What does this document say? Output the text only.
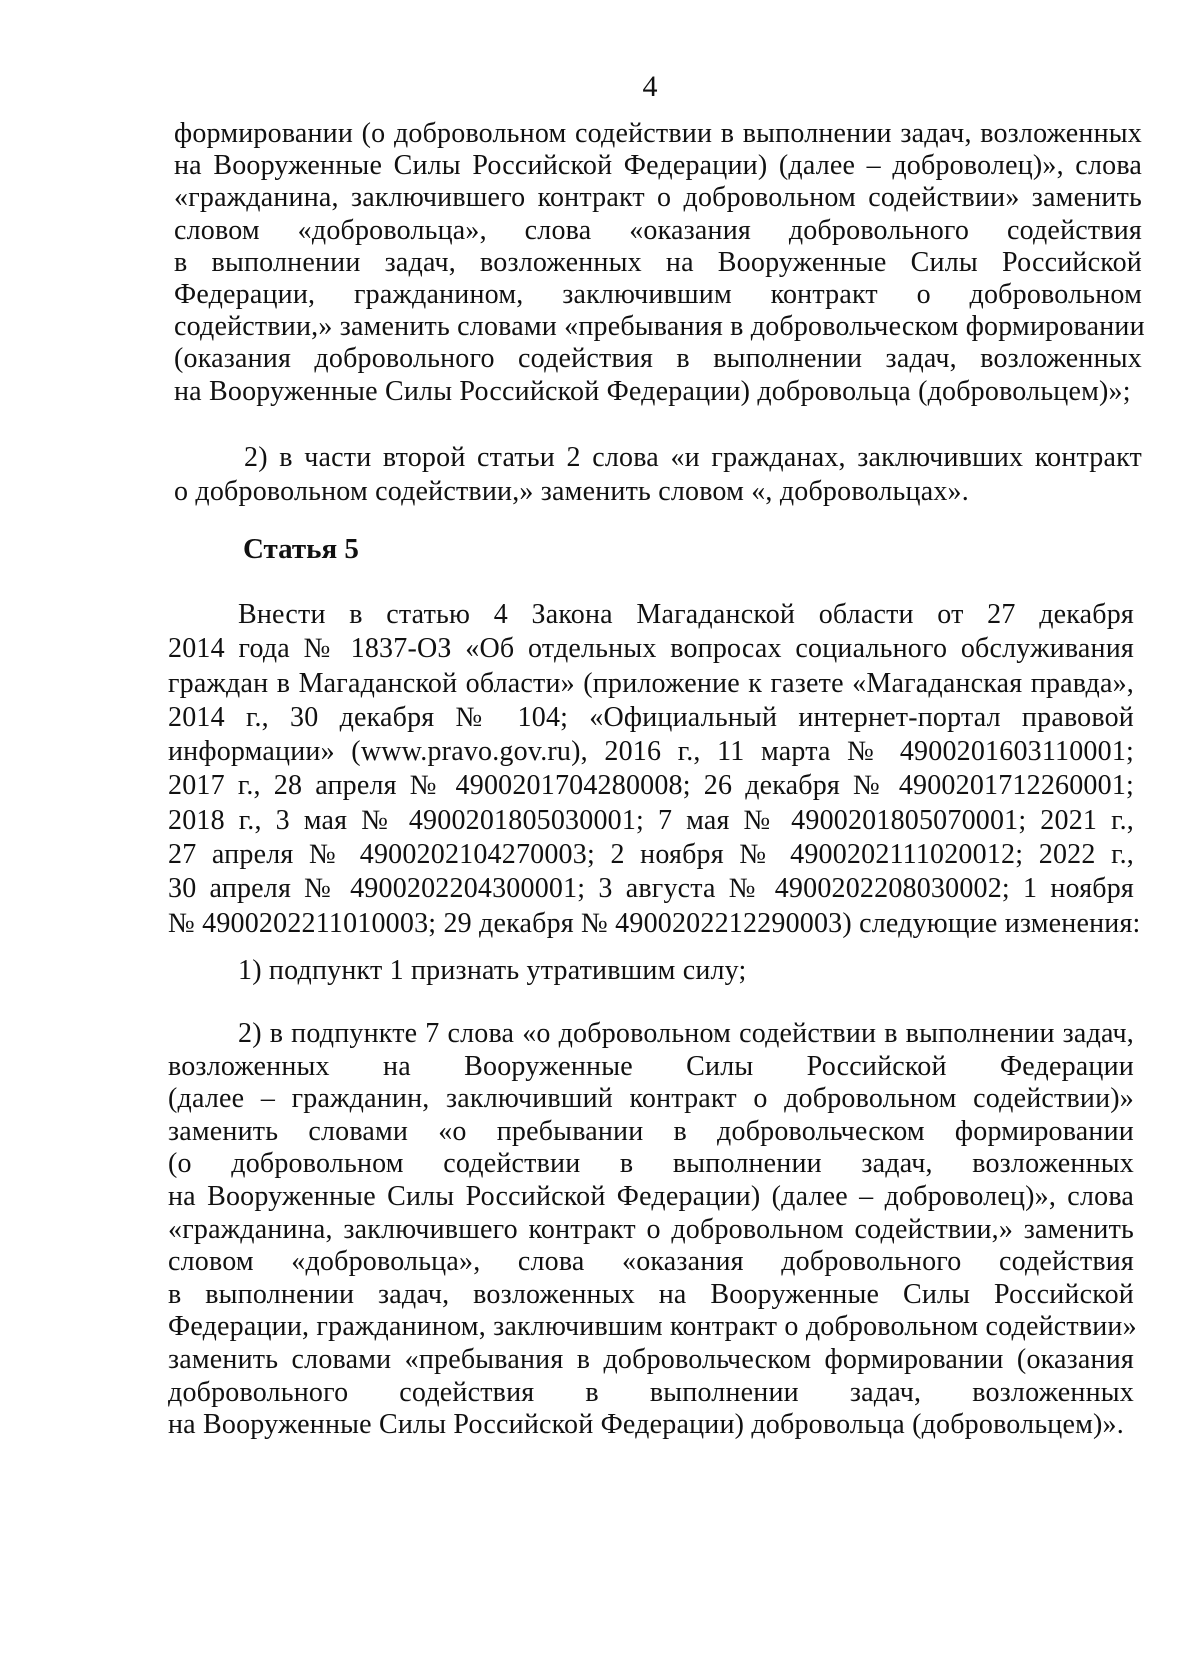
4
формировании (о добровольном содействии в выполнении задач, возложенных
на Вооруженные Силы Российской Федерации) (далее – доброволец)», слова
«гражданина, заключившего контракт о добровольном содействии» заменить
словом «добровольца», слова «оказания добровольного содействия
в выполнении задач, возложенных на Вооруженные Силы Российской
Федерации, гражданином, заключившим контракт о добровольном
содействии,» заменить словами «пребывания в добровольческом формировании
(оказания добровольного содействия в выполнении задач, возложенных
на Вооруженные Силы Российской Федерации) добровольца (добровольцем)»;
2) в части второй статьи 2 слова «и гражданах, заключивших контракт
о добровольном содействии,» заменить словом «, добровольцах».
Статья 5
Внести в статью 4 Закона Магаданской области от 27 декабря
2014 года № 1837-ОЗ «Об отдельных вопросах социального обслуживания
граждан в Магаданской области» (приложение к газете «Магаданская правда»,
2014 г., 30 декабря № 104; «Официальный интернет-портал правовой
информации» (www.pravo.gov.ru), 2016 г., 11 марта № 4900201603110001;
2017 г., 28 апреля № 4900201704280008; 26 декабря № 4900201712260001;
2018 г., 3 мая № 4900201805030001; 7 мая № 4900201805070001; 2021 г.,
27 апреля № 4900202104270003; 2 ноября № 4900202111020012; 2022 г.,
30 апреля № 4900202204300001; 3 августа № 4900202208030002; 1 ноября
№ 4900202211010003; 29 декабря № 4900202212290003) следующие изменения:
1) подпункт 1 признать утратившим силу;
2) в подпункте 7 слова «о добровольном содействии в выполнении задач,
возложенных на Вооруженные Силы Российской Федерации
(далее – гражданин, заключивший контракт о добровольном содействии)»
заменить словами «о пребывании в добровольческом формировании
(о добровольном содействии в выполнении задач, возложенных
на Вооруженные Силы Российской Федерации) (далее – доброволец)», слова
«гражданина, заключившего контракт о добровольном содействии,» заменить
словом «добровольца», слова «оказания добровольного содействия
в выполнении задач, возложенных на Вооруженные Силы Российской
Федерации, гражданином, заключившим контракт о добровольном содействии»
заменить словами «пребывания в добровольческом формировании (оказания
добровольного содействия в выполнении задач, возложенных
на Вооруженные Силы Российской Федерации) добровольца (добровольцем)».
